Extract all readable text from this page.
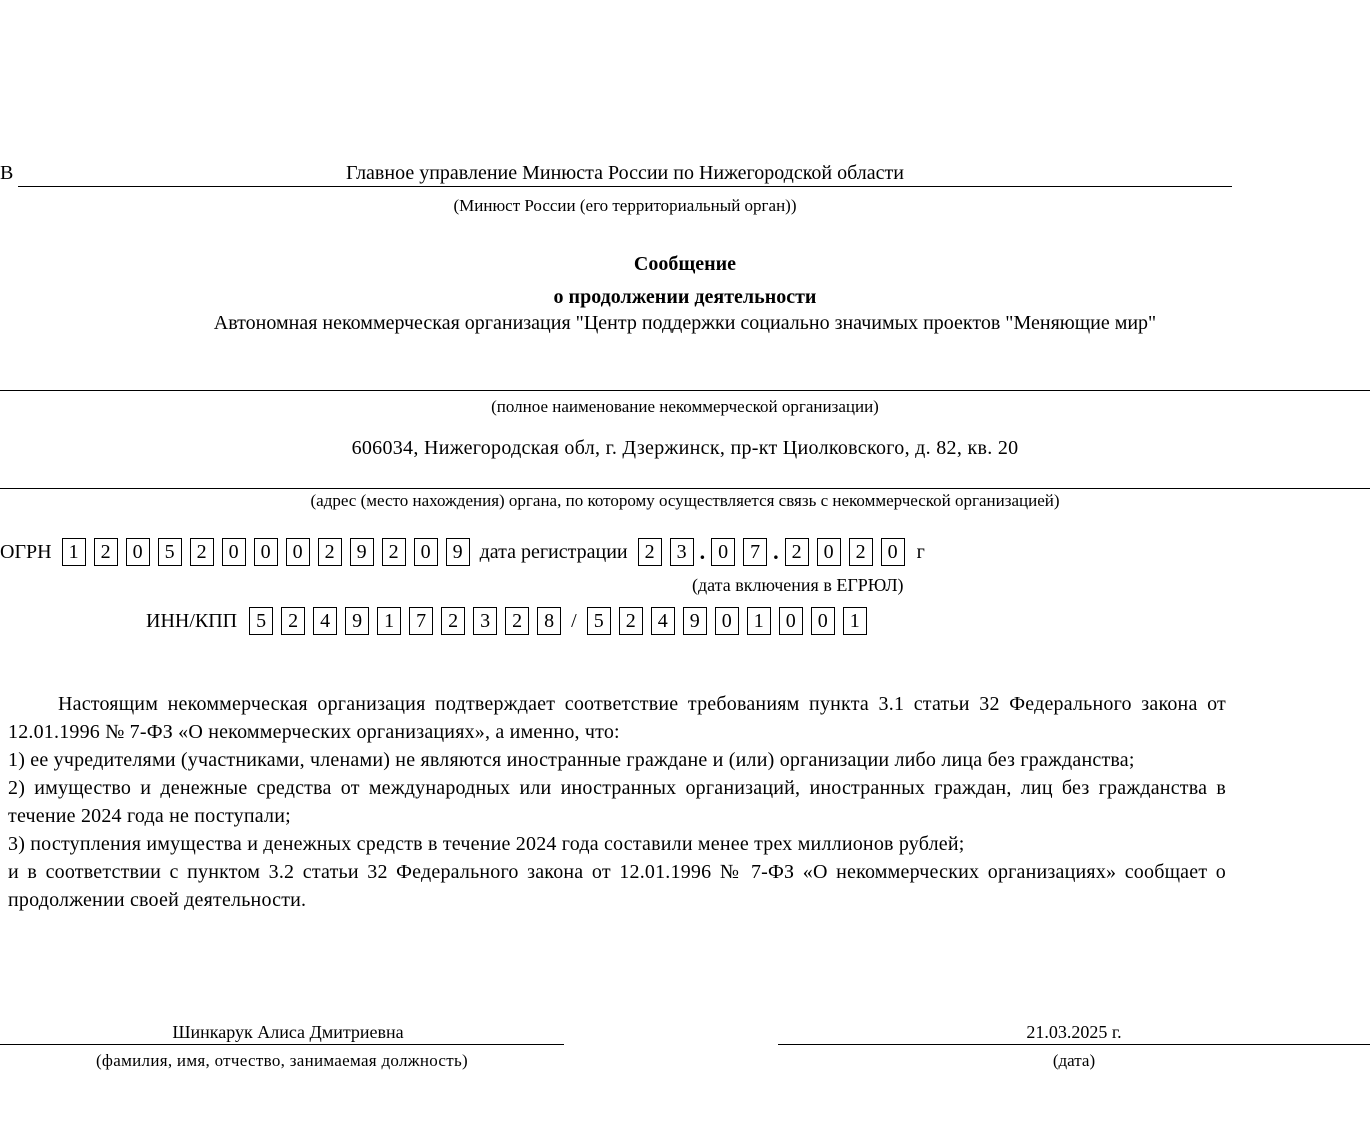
В	Главное управление Минюста России по Нижегородской области
(Минюст России (его территориальный орган))
Сообщение
о продолжении деятельности
Автономная некоммерческая организация "Центр поддержки социально значимых проектов "Меняющие мир"
(полное наименование некоммерческой организации)
606034, Нижегородская обл, г. Дзержинск, пр-кт Циолковского, д. 82, кв. 20
(адрес (место нахождения) органа, по которому осуществляется связь с некоммерческой организацией)
ОГРН 1	2	0	5	2	0	0	0	2	9	2	0	9 дата регистрации 2	3 . 0	7 . 2	0	2	0 г
(дата включения в ЕГРЮЛ)
ИНН/КПП 5	2	4	9	1	7	2	3	2	8 / 5	2	4	9	0	1	0	0	1

Настоящим некоммерческая организация подтверждает соответствие требованиям пункта 3.1 статьи 32 Федерального закона от 12.01.1996 № 7-ФЗ «О некоммерческих организациях», а именно, что:

1) ее учредителями (участниками, членами) не являются иностранные граждане и (или) организации либо лица без гражданства;

2) имущество и денежные средства от международных или иностранных организаций, иностранных граждан, лиц без гражданства в течение 2024 года не поступали;

3) поступления имущества и денежных средств в течение 2024 года составили менее трех миллионов рублей;

и в соответствии с пунктом 3.2 статьи 32 Федерального закона от 12.01.1996 № 7-ФЗ «О некоммерческих организациях» сообщает о продолжении своей деятельности.

Шинкарук Алиса Дмитриевна
(фамилия, имя, отчество, занимаемая должность)
21.03.2025 г.
(дата)
